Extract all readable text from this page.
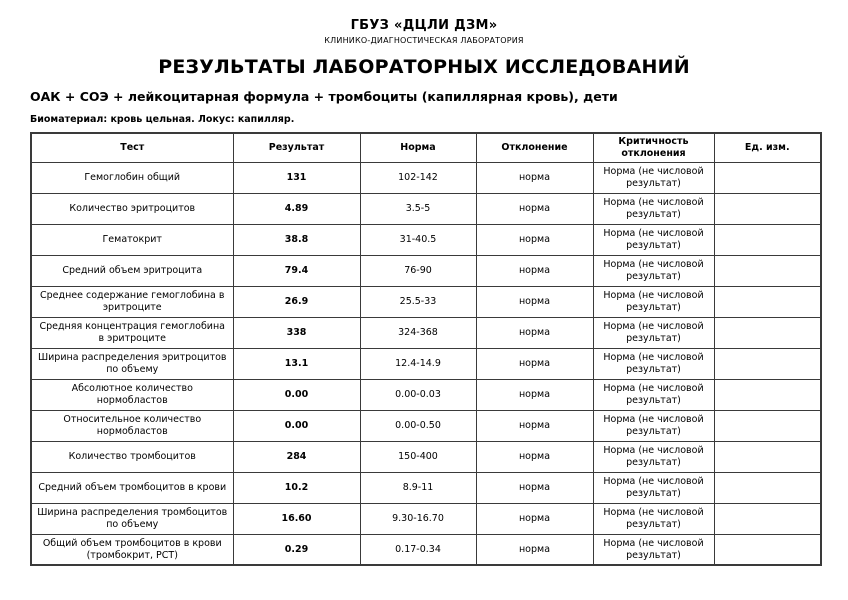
ГБУЗ «ДЦЛИ ДЗМ»
КЛИНИКО-ДИАГНОСТИЧЕСКАЯ ЛАБОРАТОРИЯ
РЕЗУЛЬТАТЫ ЛАБОРАТОРНЫХ ИССЛЕДОВАНИЙ
ОАК + СОЭ + лейкоцитарная формула + тромбоциты (капиллярная кровь), дети
Биоматериал: кровь цельная. Локус: капилляр.
Тест	Результат	Норма	Отклонение	Критичность отклонения	Ед. изм.
Гемоглобин общий	131	102-142	норма	Норма (не числовой результат)	
Количество эритроцитов	4.89	3.5-5	норма	Норма (не числовой результат)	
Гематокрит	38.8	31-40.5	норма	Норма (не числовой результат)	
Средний объем эритроцита	79.4	76-90	норма	Норма (не числовой результат)	
Среднее содержание гемоглобина в эритроците	26.9	25.5-33	норма	Норма (не числовой результат)	
Средняя концентрация гемоглобина в эритроците	338	324-368	норма	Норма (не числовой результат)	
Ширина распределения эритроцитов по объему	13.1	12.4-14.9	норма	Норма (не числовой результат)	
Абсолютное количество нормобластов	0.00	0.00-0.03	норма	Норма (не числовой результат)	
Относительное количество нормобластов	0.00	0.00-0.50	норма	Норма (не числовой результат)	
Количество тромбоцитов	284	150-400	норма	Норма (не числовой результат)	
Средний объем тромбоцитов в крови	10.2	8.9-11	норма	Норма (не числовой результат)	
Ширина распределения тромбоцитов по объему	16.60	9.30-16.70	норма	Норма (не числовой результат)	
Общий объем тромбоцитов в крови (тромбокрит, PCT)	0.29	0.17-0.34	норма	Норма (не числовой результат)	
